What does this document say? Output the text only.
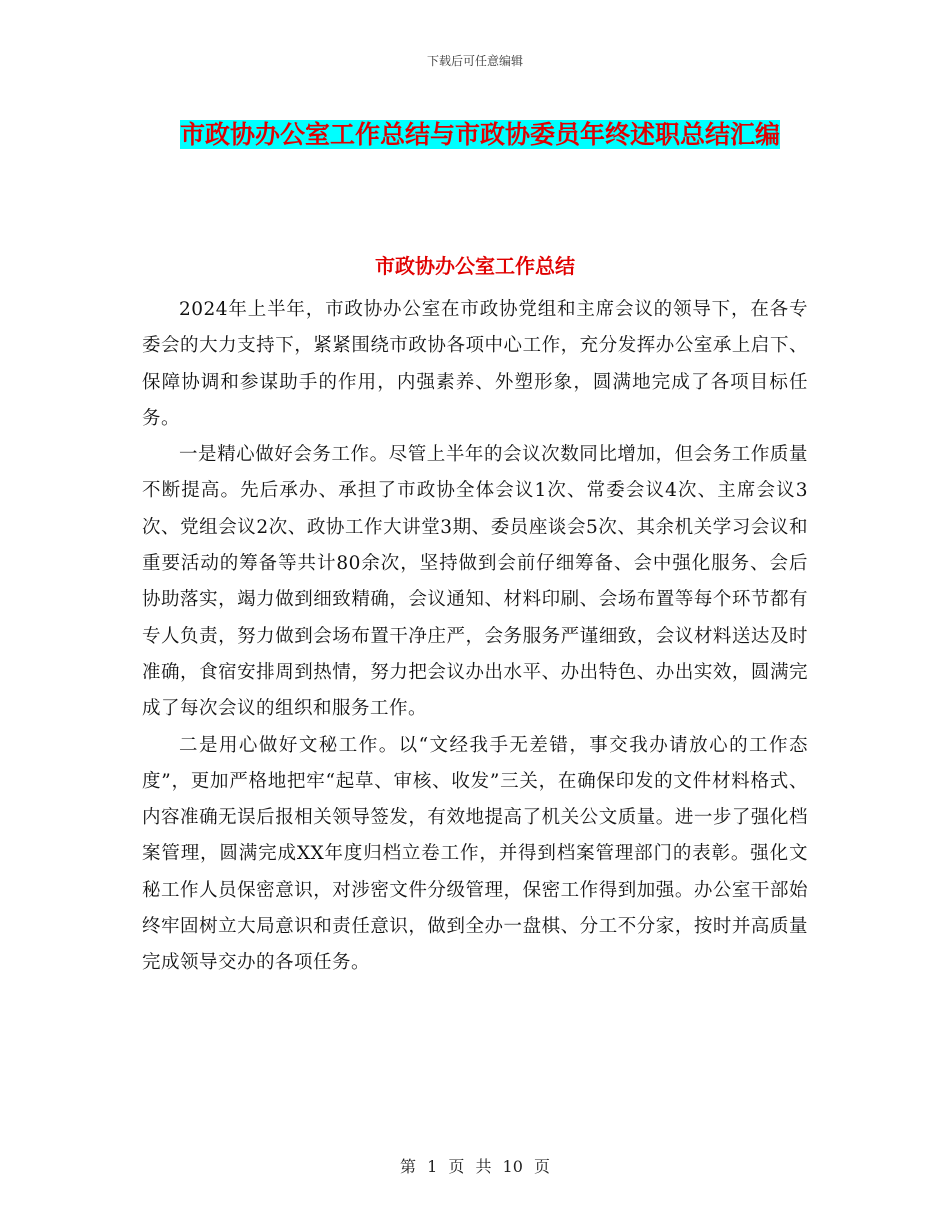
下载后可任意编辑
市政协办公室工作总结与市政协委员年终述职总结汇编
市政协办公室工作总结

2024年上半年，市政协办公室在市政协党组和主席会议的领导下，在各专委会的大力支持下，紧紧围绕市政协各项中心工作，充分发挥办公室承上启下、保障协调和参谋助手的作用，内强素养、外塑形象，圆满地完成了各项目标任务。

一是精心做好会务工作。尽管上半年的会议次数同比增加，但会务工作质量不断提高。先后承办、承担了市政协全体会议1次、常委会议4次、主席会议3次、党组会议2次、政协工作大讲堂3期、委员座谈会5次、其余机关学习会议和重要活动的筹备等共计80余次，坚持做到会前仔细筹备、会中强化服务、会后协助落实，竭力做到细致精确，会议通知、材料印刷、会场布置等每个环节都有专人负责，努力做到会场布置干净庄严，会务服务严谨细致，会议材料送达及时准确，食宿安排周到热情，努力把会议办出水平、办出特色、办出实效，圆满完成了每次会议的组织和服务工作。

二是用心做好文秘工作。以“文经我手无差错，事交我办请放心的工作态度”，更加严格地把牢“起草、审核、收发”三关，在确保印发的文件材料格式、内容准确无误后报相关领导签发，有效地提高了机关公文质量。进一步了强化档案管理，圆满完成XX年度归档立卷工作，并得到档案管理部门的表彰。强化文秘工作人员保密意识，对涉密文件分级管理，保密工作得到加强。办公室干部始终牢固树立大局意识和责任意识，做到全办一盘棋、分工不分家，按时并高质量完成领导交办的各项任务。

第 1 页 共 10 页
